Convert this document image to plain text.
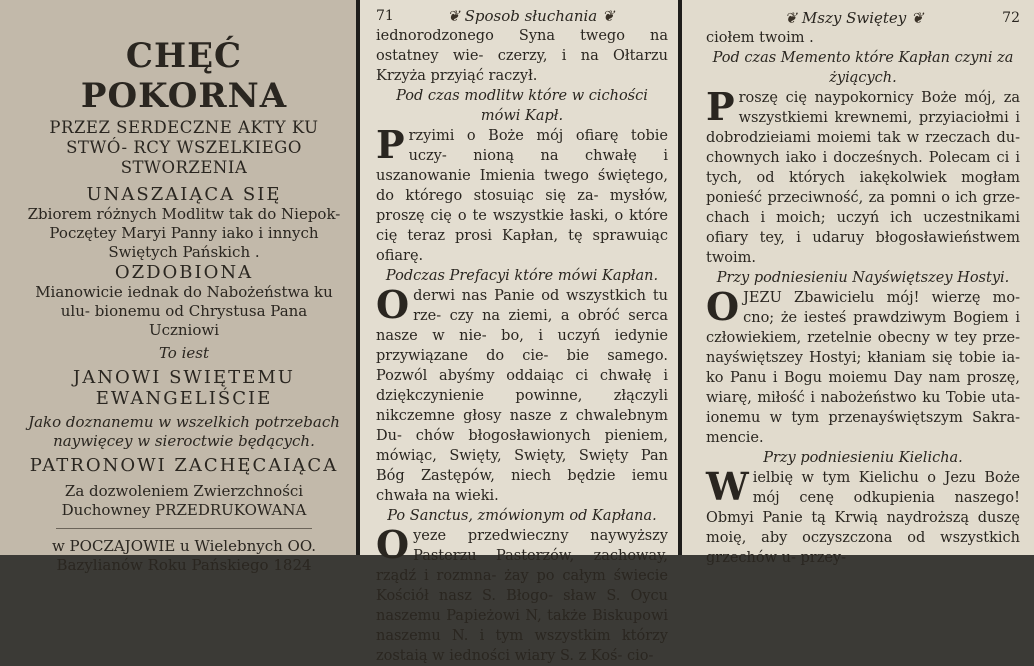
CHĘĆ POKORNA

PRZEZ SERDECZNE AKTY KU STWÓ- RCY WSZELKIEGO STWORZENIA

UNASZAIĄCA SIĘ

Zbiorem różnych Modlitw tak do Niepok- Poczętey Maryi Panny iako i innych Swiętych Pańskich .

OZDOBIONA

Mianowicie iednak do Nabożeństwa ku ulu- bionemu od Chrystusa Pana Uczniowi

To iest

JANOWI SWIĘTEMU EWANGELIŚCIE

Jako doznanemu w wszelkich potrzebach naywięcey w sieroctwie będących.

PATRONOWI ZACHĘCAIĄCA

Za dozwoleniem Zwierzchności Duchowney PRZEDRUKOWANA

w POCZAJOWIE u Wielebnych OO. Bazylianów Roku Pańskiego 1824

71	❦ Sposob słuchania ❦

iednorodzonego Syna twego na ostatney wie- czerzy, i na Ołtarzu Krzyża przyiąć raczył.

Pod czas modlitw które w cichości mówi Kapł.

Przyimi o Boże mój ofiarę tobie uczy- nioną na chwałę i uszanowanie Imienia twego świętego, do którego stosuiąc się za- mysłów, proszę cię o te wszystkie łaski, o które cię teraz prosi Kapłan, tę sprawuiąc ofiarę.

Podczas Prefacyi które mówi Kapłan.

Oderwi nas Panie od wszystkich tu rze- czy na ziemi, a obróć serca nasze w nie- bo, i uczyń iedynie przywiązane do cie- bie samego. Pozwól abyśmy oddaiąc ci chwałę i dziękczynienie powinne, złączyli nikczemne głosy nasze z chwalebnym Du- chów błogosławionych pieniem, mówiąc, Swięty, Swięty, Swięty Pan Bóg Zastępów, niech będzie iemu chwała na wieki.

Po Sanctus, zmówionym od Kapłana.

Oyeze przedwieczny naywyższy Pasterzu Pasterzów, zachoway, rządź i rozmna- żay po całym świecie Kościół nasz S. Błogo- sław S. Oycu naszemu Papieżowi N, także Biskupowi naszemu N. i tym wszystkim którzy zostaią w iedności wiary S. z Koś- cio-

❦ Mszy Swiętey ❦	72

ciołem twoim .

Pod czas Memento które Kapłan czyni za żyiących.

Proszę cię naypokornicy Boże mój, za wszystkiemi krewnemi, przyiaciołmi i dobrodzieiami moiemi tak w rzeczach du- chownych iako i docześnych. Polecam ci i tych, od których iakękolwiek mogłam ponieść przeciwność, za pomni o ich grze- chach i moich; uczyń ich uczestnikami ofiary tey, i udaruy błogosławieństwem twoim.

Przy podniesieniu Nayświętszey Hostyi.

OJEZU Zbawicielu mój! wierzę mo- cno; że iesteś prawdziwym Bogiem i człowiekiem, rzetelnie obecny w tey prze- nayświętszey Hostyi; kłaniam się tobie ia- ko Panu i Bogu moiemu Day nam proszę, wiarę, miłość i nabożeństwo ku Tobie uta- ionemu w tym przenayświętszym Sakra- mencie.

Przy podniesieniu Kielicha.

Wielbię w tym Kielichu o Jezu Boże mój cenę odkupienia naszego! Obmyi Panie tą Krwią naydroższą duszę moię, aby oczyszczona od wszystkich grzechów u- przey-
